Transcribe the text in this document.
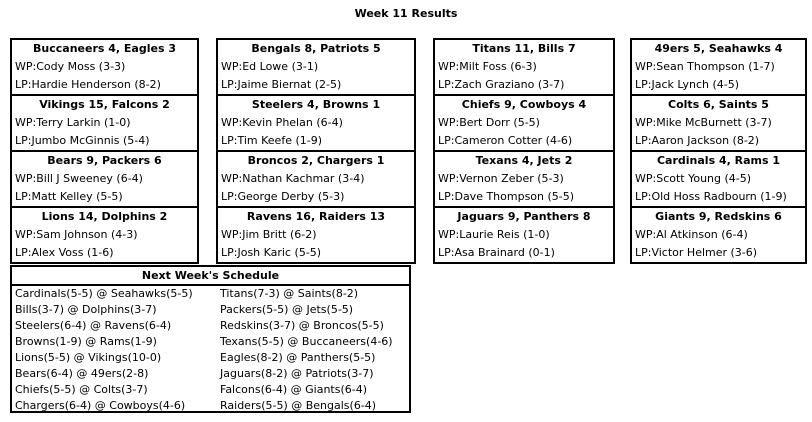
Week 11 Results
Buccaneers 4, Eagles 3
WP:Cody Moss (3-3)
LP:Hardie Henderson (8-2)
Vikings 15, Falcons 2
WP:Terry Larkin (1-0)
LP:Jumbo McGinnis (5-4)
Bears 9, Packers 6
WP:Bill J Sweeney (6-4)
LP:Matt Kelley (5-5)
Lions 14, Dolphins 2
WP:Sam Johnson (4-3)
LP:Alex Voss (1-6)
Bengals 8, Patriots 5
WP:Ed Lowe (3-1)
LP:Jaime Biernat (2-5)
Steelers 4, Browns 1
WP:Kevin Phelan (6-4)
LP:Tim Keefe (1-9)
Broncos 2, Chargers 1
WP:Nathan Kachmar (3-4)
LP:George Derby (5-3)
Ravens 16, Raiders 13
WP:Jim Britt (6-2)
LP:Josh Karic (5-5)
Titans 11, Bills 7
WP:Milt Foss (6-3)
LP:Zach Graziano (3-7)
Chiefs 9, Cowboys 4
WP:Bert Dorr (5-5)
LP:Cameron Cotter (4-6)
Texans 4, Jets 2
WP:Vernon Zeber (5-3)
LP:Dave Thompson (5-5)
Jaguars 9, Panthers 8
WP:Laurie Reis (1-0)
LP:Asa Brainard (0-1)
49ers 5, Seahawks 4
WP:Sean Thompson (1-7)
LP:Jack Lynch (4-5)
Colts 6, Saints 5
WP:Mike McBurnett (3-7)
LP:Aaron Jackson (8-2)
Cardinals 4, Rams 1
WP:Scott Young (4-5)
LP:Old Hoss Radbourn (1-9)
Giants 9, Redskins 6
WP:Al Atkinson (6-4)
LP:Victor Helmer (3-6)
Next Week's Schedule
Cardinals(5-5) @ Seahawks(5-5)	Titans(7-3) @ Saints(8-2)
Bills(3-7) @ Dolphins(3-7)	Packers(5-5) @ Jets(5-5)
Steelers(6-4) @ Ravens(6-4)	Redskins(3-7) @ Broncos(5-5)
Browns(1-9) @ Rams(1-9)	Texans(5-5) @ Buccaneers(4-6)
Lions(5-5) @ Vikings(10-0)	Eagles(8-2) @ Panthers(5-5)
Bears(6-4) @ 49ers(2-8)	Jaguars(8-2) @ Patriots(3-7)
Chiefs(5-5) @ Colts(3-7)	Falcons(6-4) @ Giants(6-4)
Chargers(6-4) @ Cowboys(4-6)	Raiders(5-5) @ Bengals(6-4)
